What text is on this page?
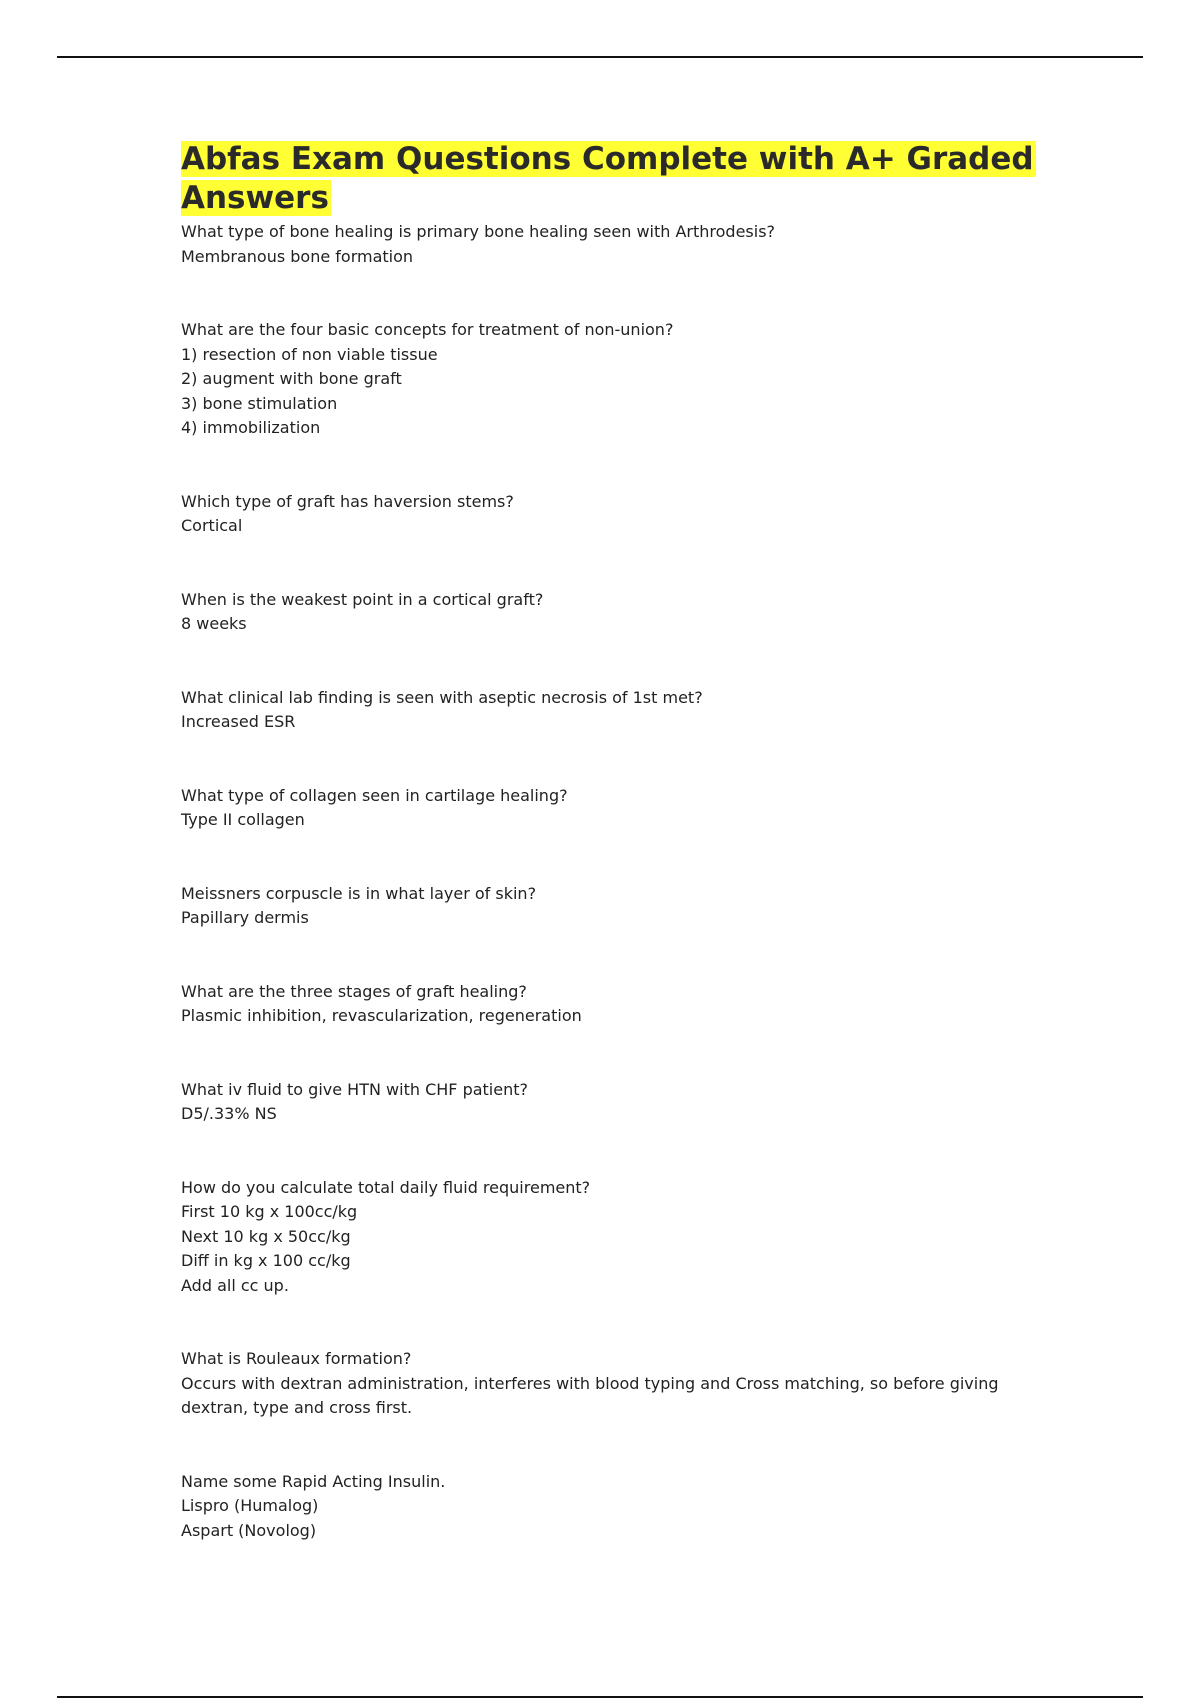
Abfas Exam Questions Complete with A+ Graded Answers
What type of bone healing is primary bone healing seen with Arthrodesis?
Membranous bone formation
What are the four basic concepts for treatment of non-union?
1) resection of non viable tissue
2) augment with bone graft
3) bone stimulation
4) immobilization
Which type of graft has haversion stems?
Cortical
When is the weakest point in a cortical graft?
8 weeks
What clinical lab finding is seen with aseptic necrosis of 1st met?
Increased ESR
What type of collagen seen in cartilage healing?
Type II collagen
Meissners corpuscle is in what layer of skin?
Papillary dermis
What are the three stages of graft healing?
Plasmic inhibition, revascularization, regeneration
What iv fluid to give HTN with CHF patient?
D5/.33% NS
How do you calculate total daily fluid requirement?
First 10 kg x 100cc/kg
Next 10 kg x 50cc/kg
Diff in kg x 100 cc/kg
Add all cc up.
What is Rouleaux formation?
Occurs with dextran administration, interferes with blood typing and Cross matching, so before giving dextran, type and cross first.
Name some Rapid Acting Insulin.
Lispro (Humalog)
Aspart (Novolog)
